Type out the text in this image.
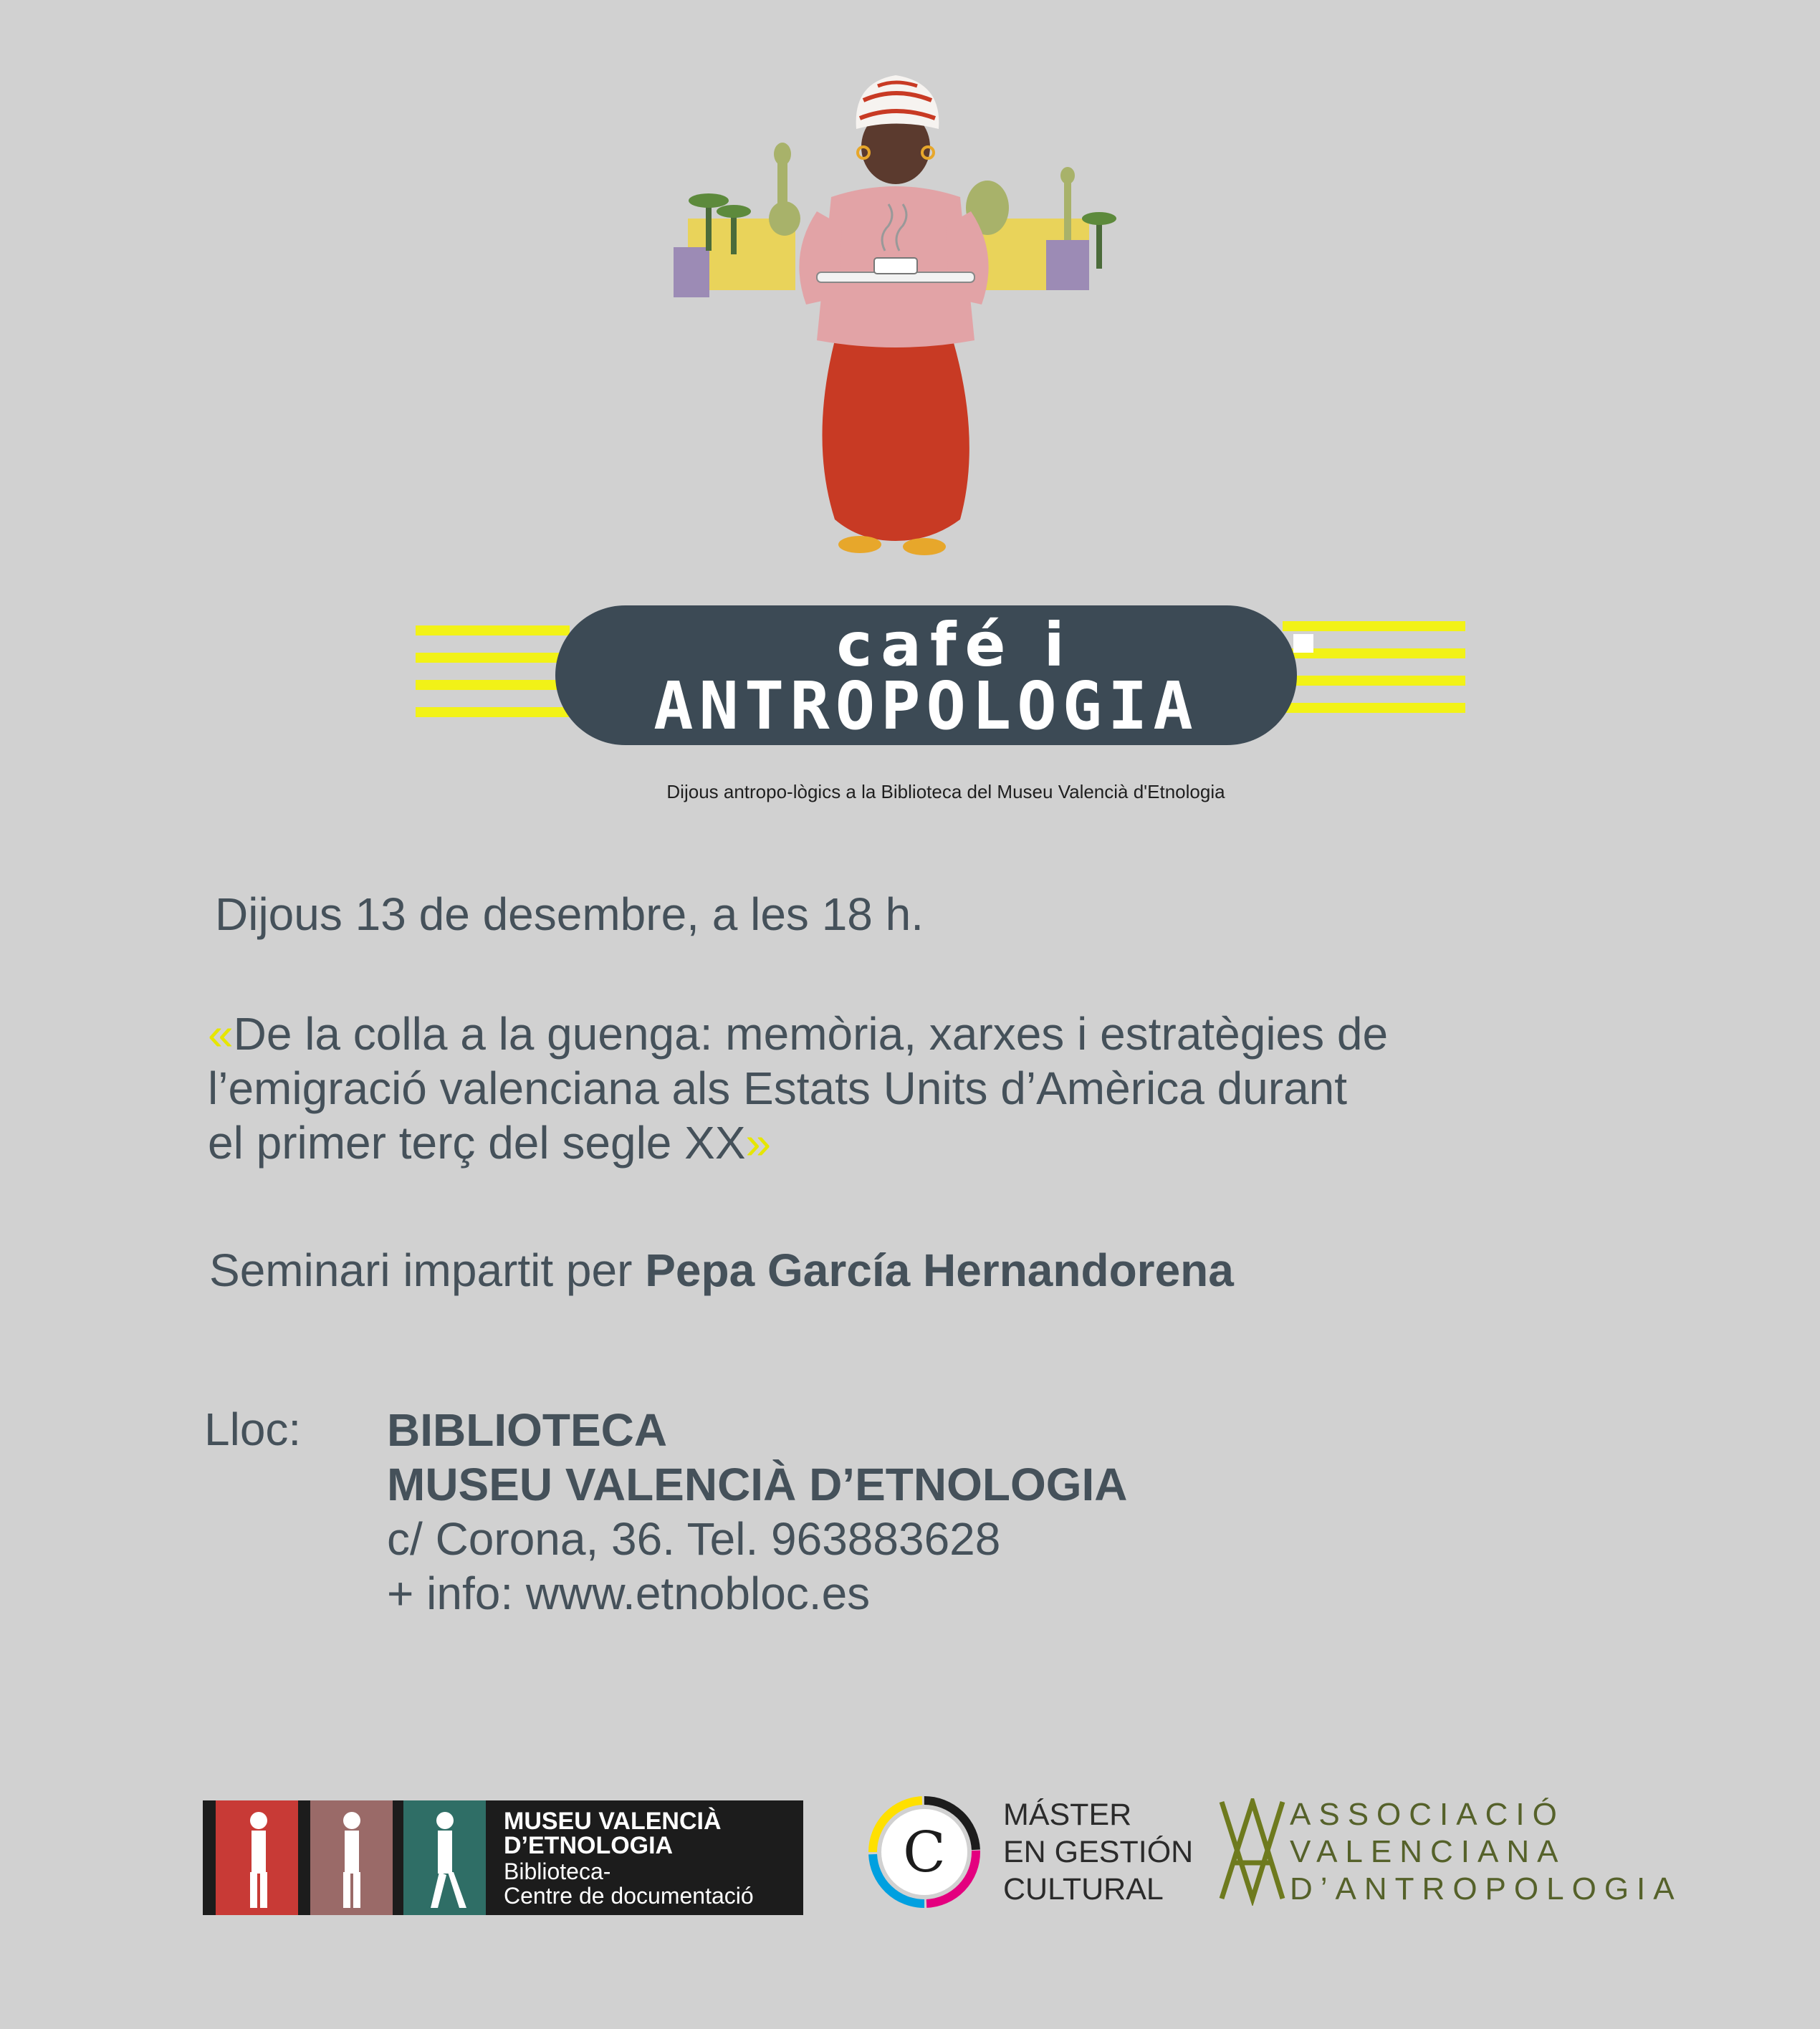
café i
ANTROPOLOGIA
Dijous antropo-lògics a la Biblioteca del Museu Valencià d'Etnologia
Dijous 13 de desembre, a les 18 h.
«De la colla a la guenga: memòria, xarxes i estratègies de
l’emigració valenciana als Estats Units d’Amèrica durant
el primer terç del segle XX»
Seminari impartit per Pepa García Hernandorena
Lloc: BIBLIOTECA
MUSEU VALENCIÀ D’ETNOLOGIA
c/ Corona, 36. Tel. 963883628
+ info: www.etnobloc.es
MUSEU VALENCIÀ
D’ETNOLOGIA
Biblioteca-
Centre de documentació
C
MÁSTER
EN GESTIÓN
CULTURAL
ASSOCIACIÓ
VALENCIANA
D’ANTROPOLOGIA
